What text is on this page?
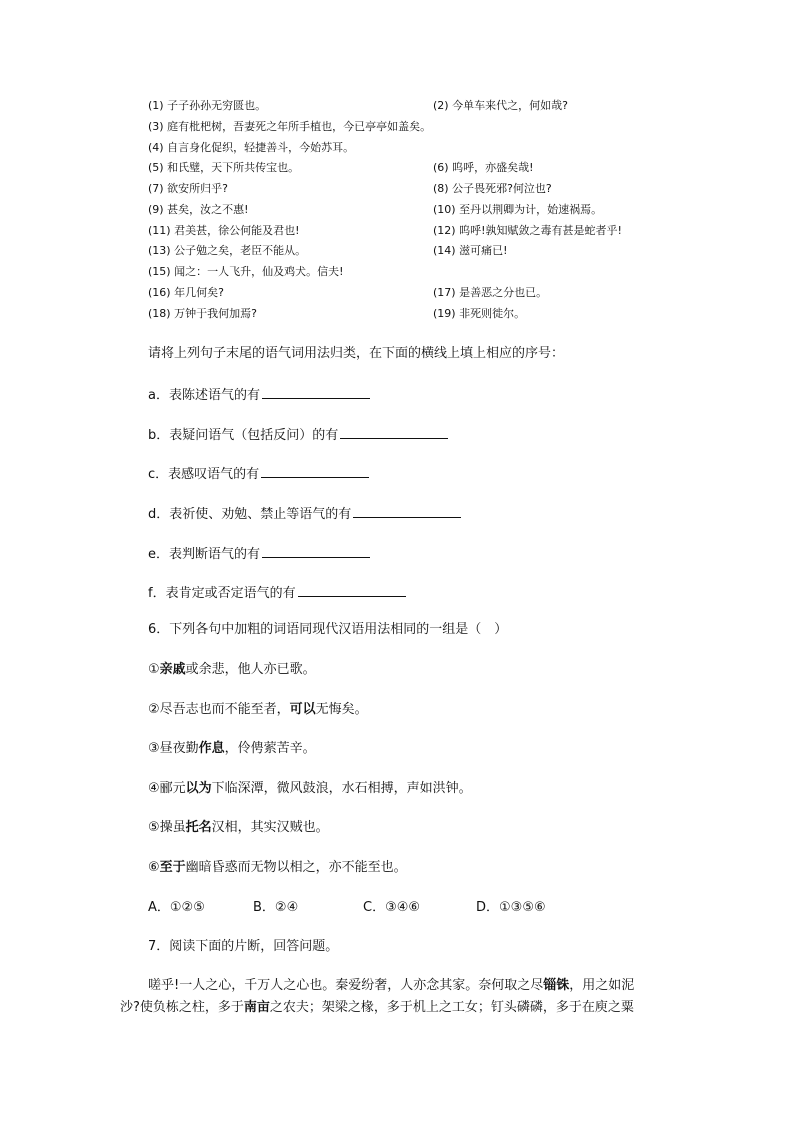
(1) 子子孙孙无穷匮也。	(2) 今单车来代之，何如哉?
(3) 庭有枇杷树，吾妻死之年所手植也，今已亭亭如盖矣。
(4) 自言身化促织，轻捷善斗，今始苏耳。
(5) 和氏璧，天下所共传宝也。	(6) 呜呼，亦盛矣哉!
(7) 欲安所归乎?	(8) 公子畏死邪?何泣也?
(9) 甚矣，汝之不惠!	(10) 至丹以荆卿为计，始速祸焉。
(11) 君美甚，徐公何能及君也!	(12) 呜呼!孰知赋敛之毒有甚是蛇者乎!
(13) 公子勉之矣，老臣不能从。	(14) 滋可痛已!
(15) 闻之：一人飞升，仙及鸡犬。信夫!
(16) 年几何矣?	(17) 是善恶之分也已。
(18) 万钟于我何加焉?	(19) 非死则徙尔。
请将上列句子末尾的语气词用法归类，在下面的横线上填上相应的序号：
a．表陈述语气的有
b．表疑问语气（包括反问）的有
c．表感叹语气的有
d．表祈使、劝勉、禁止等语气的有
e．表判断语气的有
f．表肯定或否定语气的有
6．下列各句中加粗的词语同现代汉语用法相同的一组是（　）
①亲戚或余悲，他人亦已歌。
②尽吾志也而不能至者，可以无悔矣。
③昼夜勤作息，伶俜萦苦辛。
④郦元以为下临深潭，微风鼓浪，水石相搏，声如洪钟。
⑤操虽托名汉相，其实汉贼也。
⑥至于幽暗昏惑而无物以相之，亦不能至也。
A．①②⑤	B．②④	C．③④⑥	D．①③⑤⑥
7．阅读下面的片断，回答问题。
嗟乎!一人之心，千万人之心也。秦爱纷奢，人亦念其家。奈何取之尽锱铢，用之如泥
沙?使负栋之柱，多于南亩之农夫；架梁之椽，多于机上之工女；钉头磷磷，多于在庾之粟
